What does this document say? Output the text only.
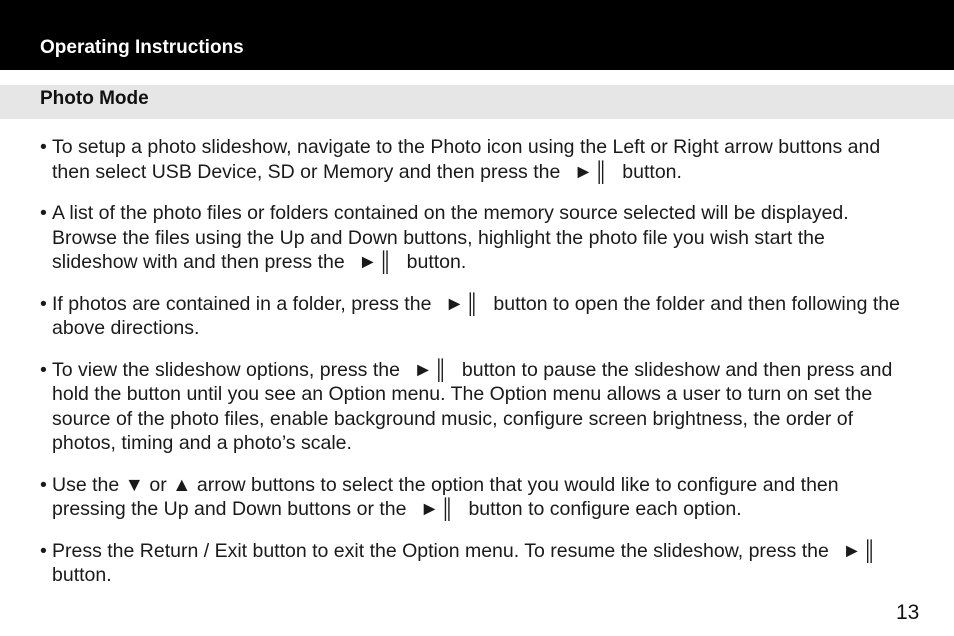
Operating Instructions
Photo Mode
• To setup a photo slideshow, navigate to the Photo icon using the Left or Right arrow buttons and then select USB Device, SD or Memory and then press the ►║ button.
• A list of the photo files or folders contained on the memory source selected will be displayed. Browse the files using the Up and Down buttons, highlight the photo file you wish start the slideshow with and then press the ►║ button.
• If photos are contained in a folder, press the ►║ button to open the folder and then following the above directions.
• To view the slideshow options, press the ►║ button to pause the slideshow and then press and hold the button until you see an Option menu. The Option menu allows a user to turn on set the source of the photo files, enable background music, configure screen brightness, the order of photos, timing and a photo’s scale.
• Use the ▼ or ▲ arrow buttons to select the option that you would like to configure and then pressing the Up and Down buttons or the ►║ button to configure each option.
• Press the Return / Exit button to exit the Option menu. To resume the slideshow, press the ►║ button.
13
